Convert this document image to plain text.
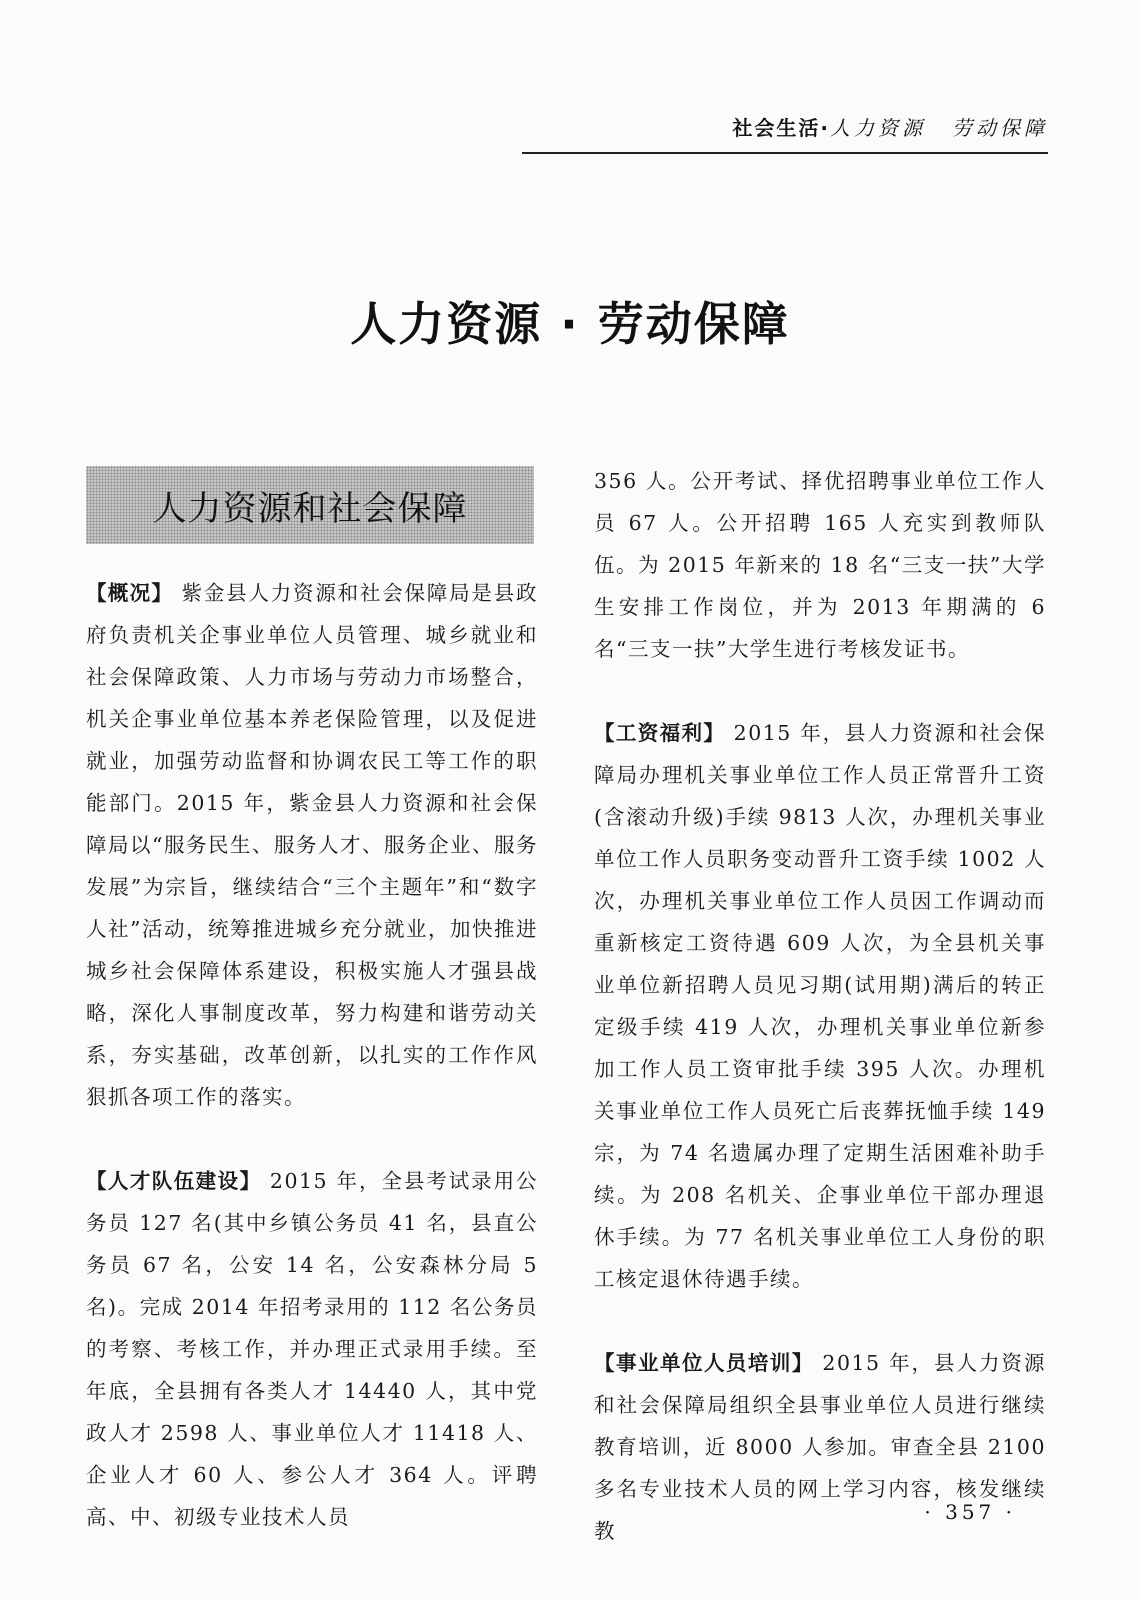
社会生活·人力资源 劳动保障
人力资源 · 劳动保障
人力资源和社会保障

【概况】 紫金县人力资源和社会保障局是县政府负责机关企事业单位人员管理、城乡就业和社会保障政策、人力市场与劳动力市场整合，机关企事业单位基本养老保险管理，以及促进就业，加强劳动监督和协调农民工等工作的职能部门。2015 年，紫金县人力资源和社会保障局以“服务民生、服务人才、服务企业、服务发展”为宗旨，继续结合“三个主题年”和“数字人社”活动，统筹推进城乡充分就业，加快推进城乡社会保障体系建设，积极实施人才强县战略，深化人事制度改革，努力构建和谐劳动关系，夯实基础，改革创新，以扎实的工作作风狠抓各项工作的落实。

【人才队伍建设】 2015 年，全县考试录用公务员 127 名(其中乡镇公务员 41 名，县直公务员 67 名，公安 14 名，公安森林分局 5 名)。完成 2014 年招考录用的 112 名公务员的考察、考核工作，并办理正式录用手续。至年底，全县拥有各类人才 14440 人，其中党政人才 2598 人、事业单位人才 11418 人、企业人才 60 人、参公人才 364 人。评聘高、中、初级专业技术人员

356 人。公开考试、择优招聘事业单位工作人员 67 人。公开招聘 165 人充实到教师队伍。为 2015 年新来的 18 名“三支一扶”大学生安排工作岗位，并为 2013 年期满的 6 名“三支一扶”大学生进行考核发证书。

【工资福利】 2015 年，县人力资源和社会保障局办理机关事业单位工作人员正常晋升工资(含滚动升级)手续 9813 人次，办理机关事业单位工作人员职务变动晋升工资手续 1002 人次，办理机关事业单位工作人员因工作调动而重新核定工资待遇 609 人次，为全县机关事业单位新招聘人员见习期(试用期)满后的转正定级手续 419 人次，办理机关事业单位新参加工作人员工资审批手续 395 人次。办理机关事业单位工作人员死亡后丧葬抚恤手续 149 宗，为 74 名遗属办理了定期生活困难补助手续。为 208 名机关、企事业单位干部办理退休手续。为 77 名机关事业单位工人身份的职工核定退休待遇手续。

【事业单位人员培训】 2015 年，县人力资源和社会保障局组织全县事业单位人员进行继续教育培训，近 8000 人参加。审查全县 2100 多名专业技术人员的网上学习内容，核发继续教

· 357 ·
